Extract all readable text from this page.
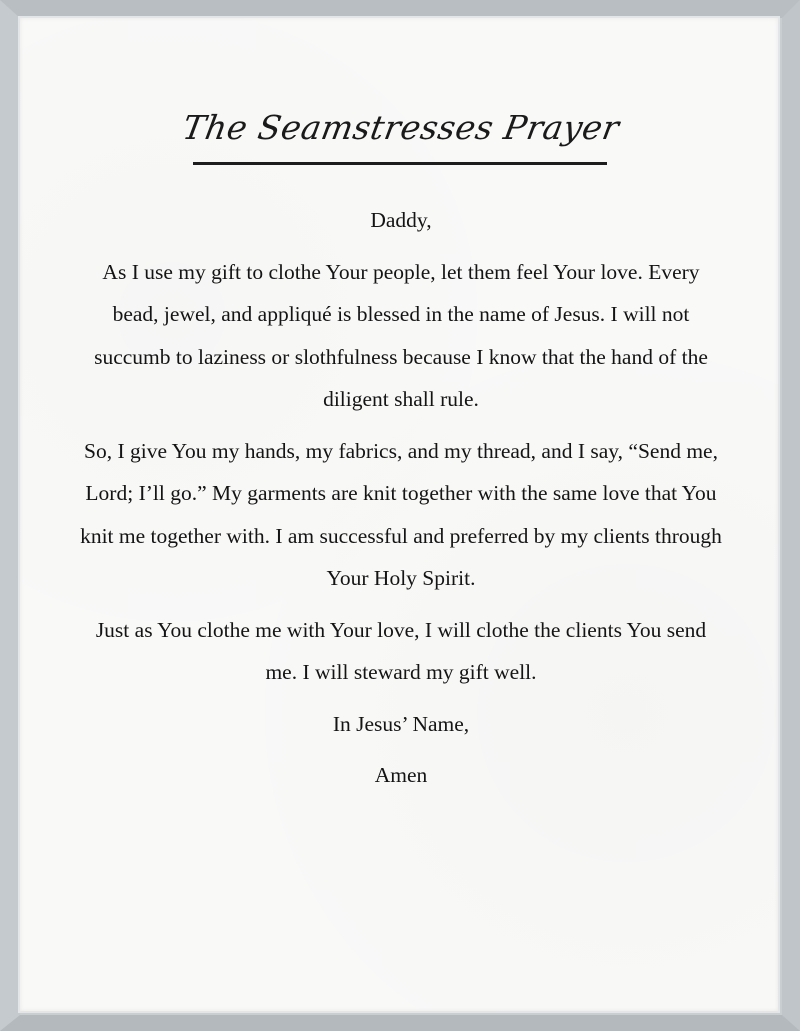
The Seamstresses Prayer

Daddy,

As I use my gift to clothe Your people, let them feel Your love. Every bead, jewel, and appliqué is blessed in the name of Jesus. I will not succumb to laziness or slothfulness because I know that the hand of the diligent shall rule.

So, I give You my hands, my fabrics, and my thread, and I say, “Send me, Lord; I’ll go.” My garments are knit together with the same love that You knit me together with. I am successful and preferred by my clients through Your Holy Spirit.

Just as You clothe me with Your love, I will clothe the clients You send me. I will steward my gift well.

In Jesus’ Name,

Amen
